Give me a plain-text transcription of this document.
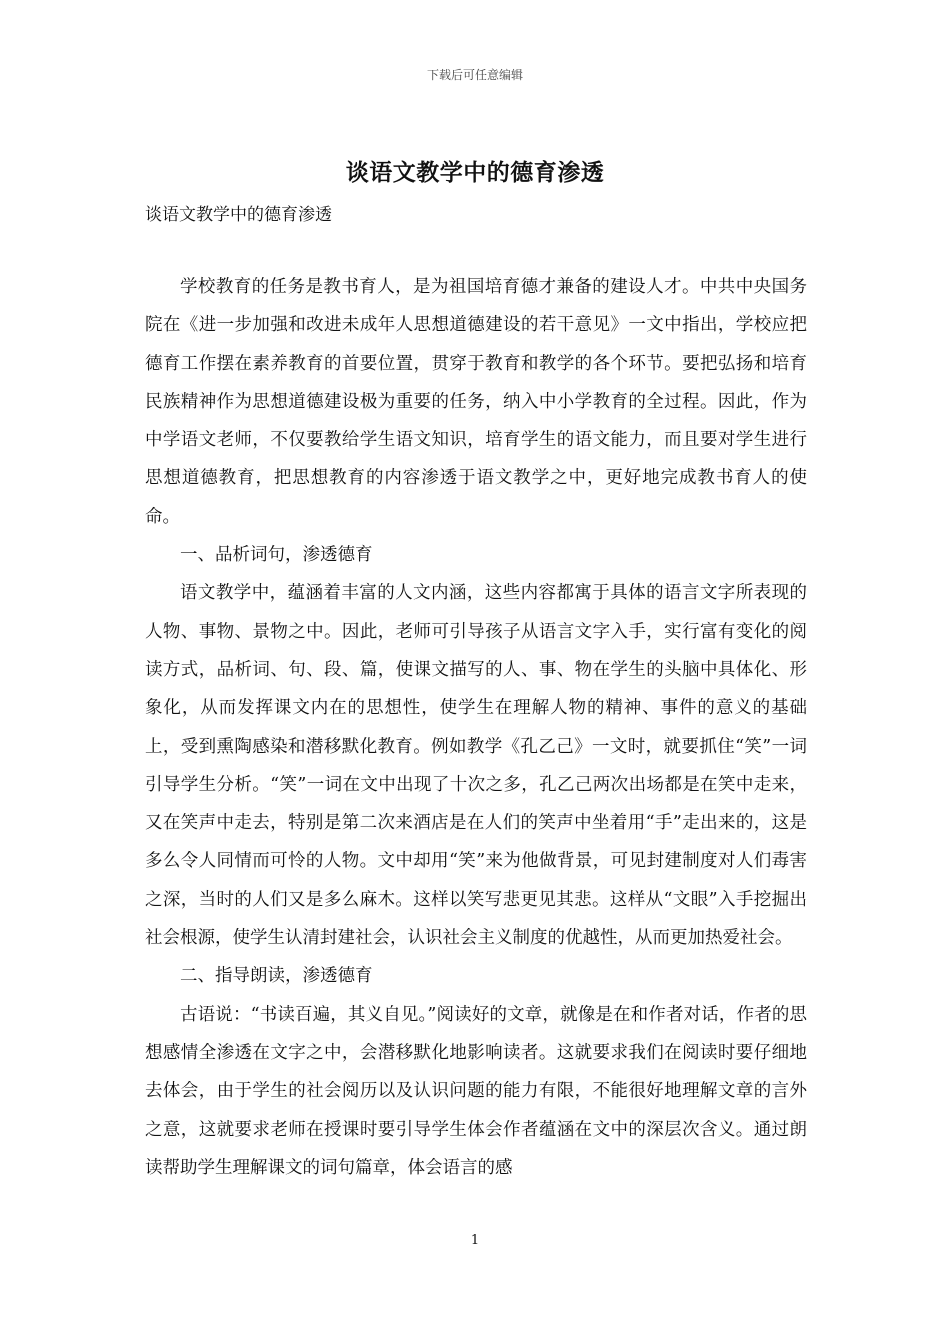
下载后可任意编辑
谈语文教学中的德育渗透
谈语文教学中的德育渗透

学校教育的任务是教书育人，是为祖国培育德才兼备的建设人才。中共中央国务院在《进一步加强和改进未成年人思想道德建设的若干意见》一文中指出，学校应把德育工作摆在素养教育的首要位置，贯穿于教育和教学的各个环节。要把弘扬和培育民族精神作为思想道德建设极为重要的任务，纳入中小学教育的全过程。因此，作为中学语文老师，不仅要教给学生语文知识，培育学生的语文能力，而且要对学生进行思想道德教育，把思想教育的内容渗透于语文教学之中，更好地完成教书育人的使命。

一、品析词句，渗透德育

语文教学中，蕴涵着丰富的人文内涵，这些内容都寓于具体的语言文字所表现的人物、事物、景物之中。因此，老师可引导孩子从语言文字入手，实行富有变化的阅读方式，品析词、句、段、篇，使课文描写的人、事、物在学生的头脑中具体化、形象化，从而发挥课文内在的思想性，使学生在理解人物的精神、事件的意义的基础上，受到熏陶感染和潜移默化教育。例如教学《孔乙己》一文时，就要抓住“笑”一词引导学生分析。“笑”一词在文中出现了十次之多，孔乙己两次出场都是在笑中走来，又在笑声中走去，特别是第二次来酒店是在人们的笑声中坐着用“手”走出来的，这是多么令人同情而可怜的人物。文中却用“笑”来为他做背景，可见封建制度对人们毒害之深，当时的人们又是多么麻木。这样以笑写悲更见其悲。这样从“文眼”入手挖掘出社会根源，使学生认清封建社会，认识社会主义制度的优越性，从而更加热爱社会。

二、指导朗读，渗透德育

古语说：“书读百遍，其义自见。”阅读好的文章，就像是在和作者对话，作者的思想感情全渗透在文字之中，会潜移默化地影响读者。这就要求我们在阅读时要仔细地去体会，由于学生的社会阅历以及认识问题的能力有限，不能很好地理解文章的言外之意，这就要求老师在授课时要引导学生体会作者蕴涵在文中的深层次含义。通过朗读帮助学生理解课文的词句篇章，体会语言的感

1
